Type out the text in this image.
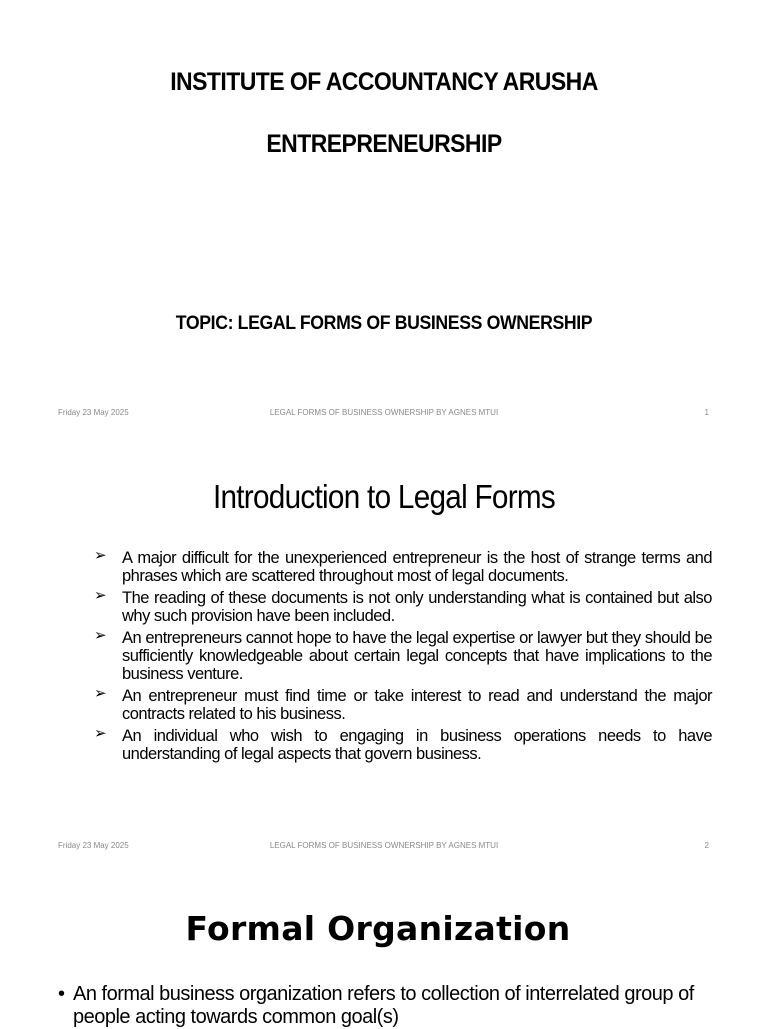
INSTITUTE OF ACCOUNTANCY ARUSHA
ENTREPRENEURSHIP
TOPIC: LEGAL FORMS OF BUSINESS OWNERSHIP
Friday 23 May 2025	LEGAL FORMS OF BUSINESS OWNERSHIP BY AGNES MTUI	1
Introduction to Legal Forms
➢ A major difficult for the unexperienced entrepreneur is the host of strange terms and phrases which are scattered throughout most of legal documents.
➢ The reading of these documents is not only understanding what is contained but also why such provision have been included.
➢ An entrepreneurs cannot hope to have the legal expertise or lawyer but they should be sufficiently knowledgeable about certain legal concepts that have implications to the business venture.
➢ An entrepreneur must find time or take interest to read and understand the major contracts related to his business.
➢ An individual who wish to engaging in business operations needs to have understanding of legal aspects that govern business.
Friday 23 May 2025	LEGAL FORMS OF BUSINESS OWNERSHIP BY AGNES MTUI	2
Formal Organization
• An formal business organization refers to collection of interrelated group of people acting towards common goal(s)
